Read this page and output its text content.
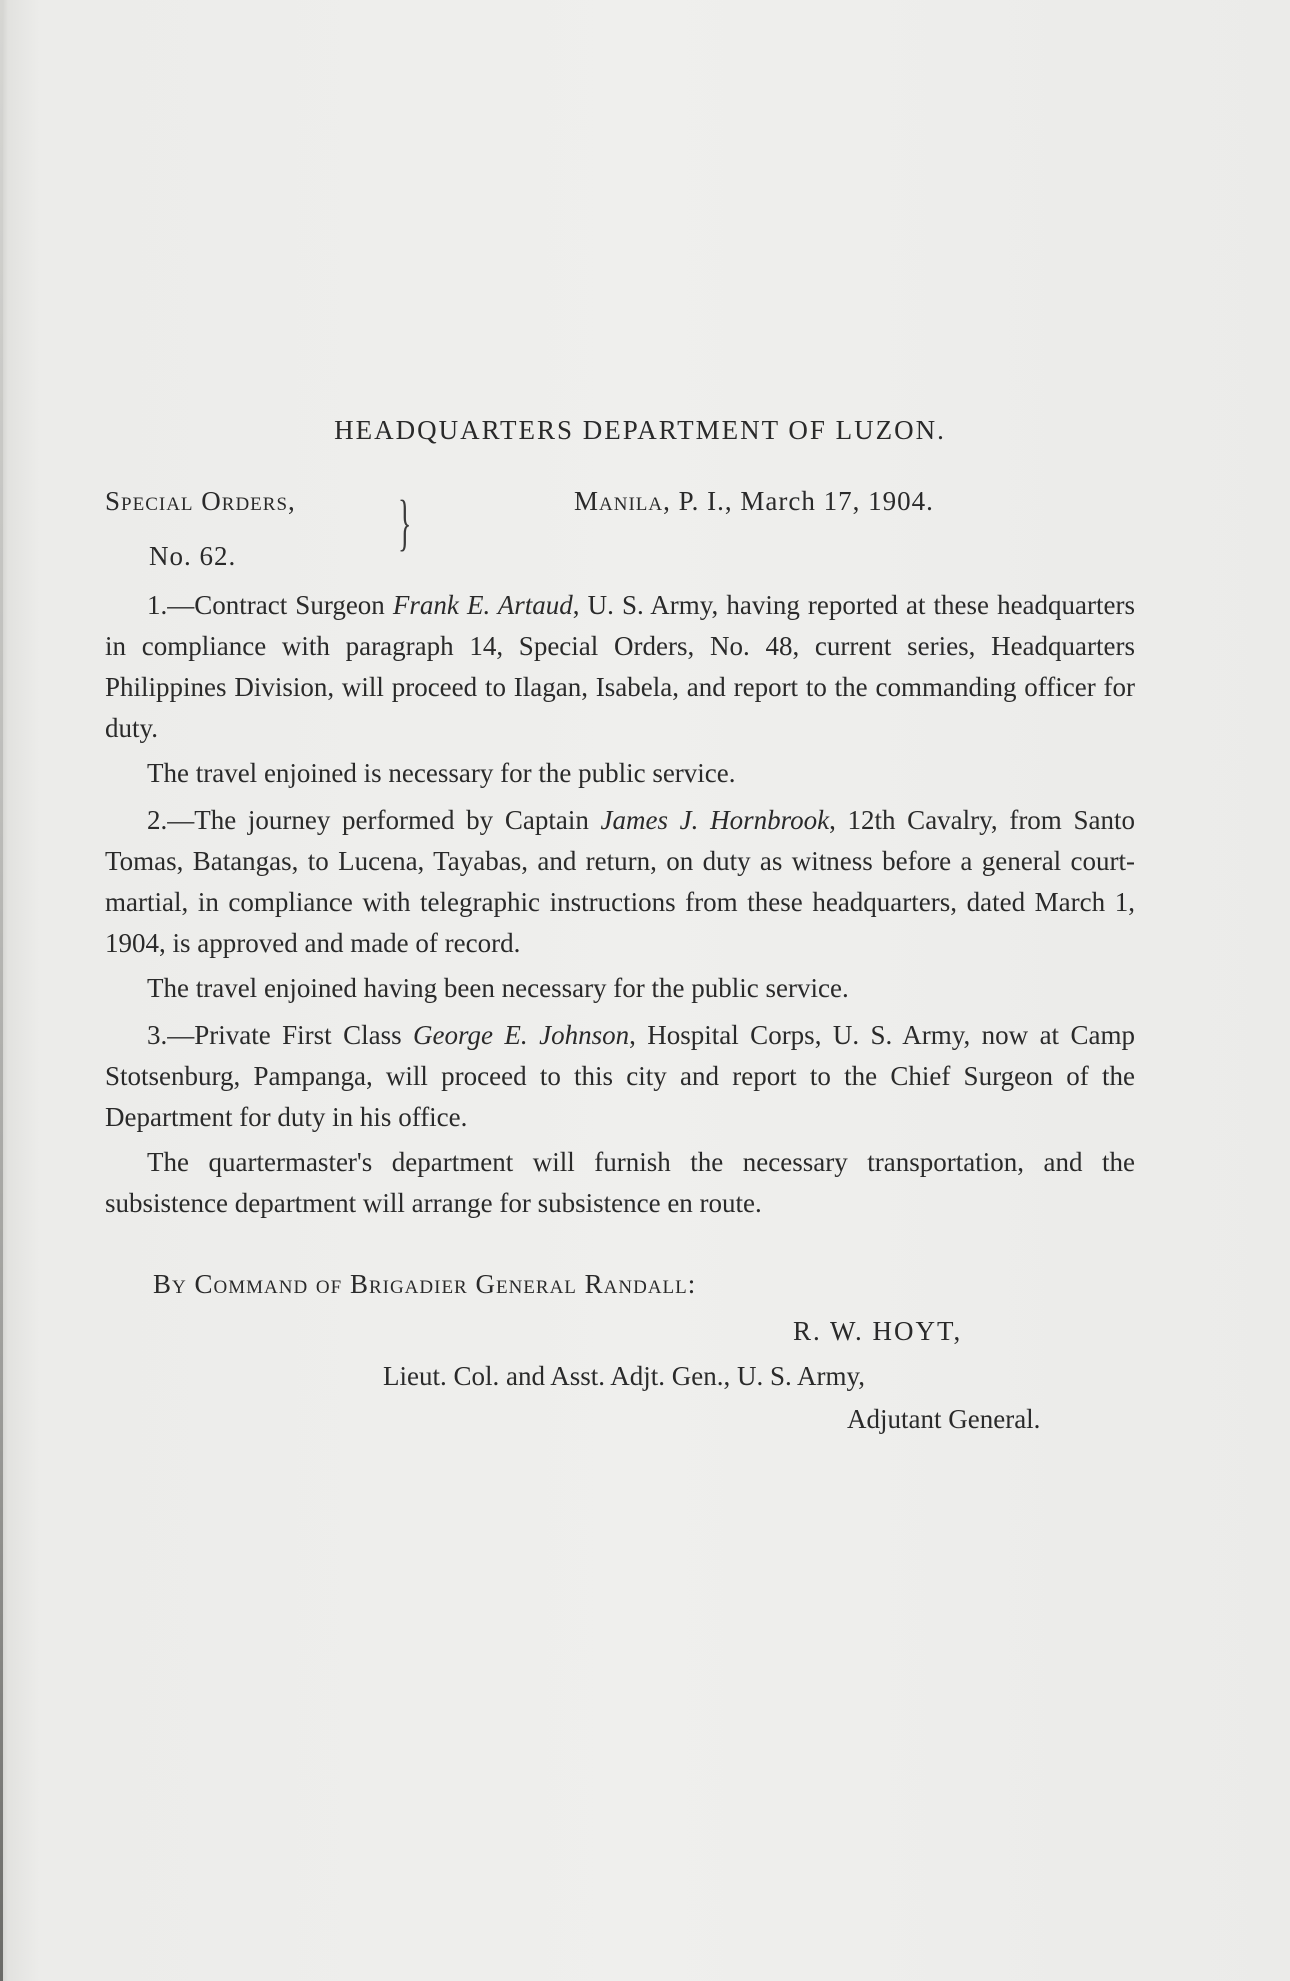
HEADQUARTERS DEPARTMENT OF LUZON.
Special Orders,
No. 62.	}	Manila, P. I., March 17, 1904.

1.—Contract Surgeon Frank E. Artaud, U. S. Army, having reported at these headquarters in compliance with paragraph 14, Special Orders, No. 48, current series, Headquarters Philippines Division, will proceed to Ilagan, Isabela, and report to the commanding officer for duty.

The travel enjoined is necessary for the public service.

2.—The journey performed by Captain James J. Hornbrook, 12th Cavalry, from Santo Tomas, Batangas, to Lucena, Tayabas, and return, on duty as witness before a general court-martial, in compliance with telegraphic instructions from these headquarters, dated March 1, 1904, is approved and made of record.

The travel enjoined having been necessary for the public service.

3.—Private First Class George E. Johnson, Hospital Corps, U. S. Army, now at Camp Stotsenburg, Pampanga, will proceed to this city and report to the Chief Surgeon of the Department for duty in his office.

The quartermaster's department will furnish the necessary transportation, and the subsistence department will arrange for subsistence en route.

By Command of Brigadier General Randall:
R. W. HOYT,
Lieut. Col. and Asst. Adjt. Gen., U. S. Army,
Adjutant General.
